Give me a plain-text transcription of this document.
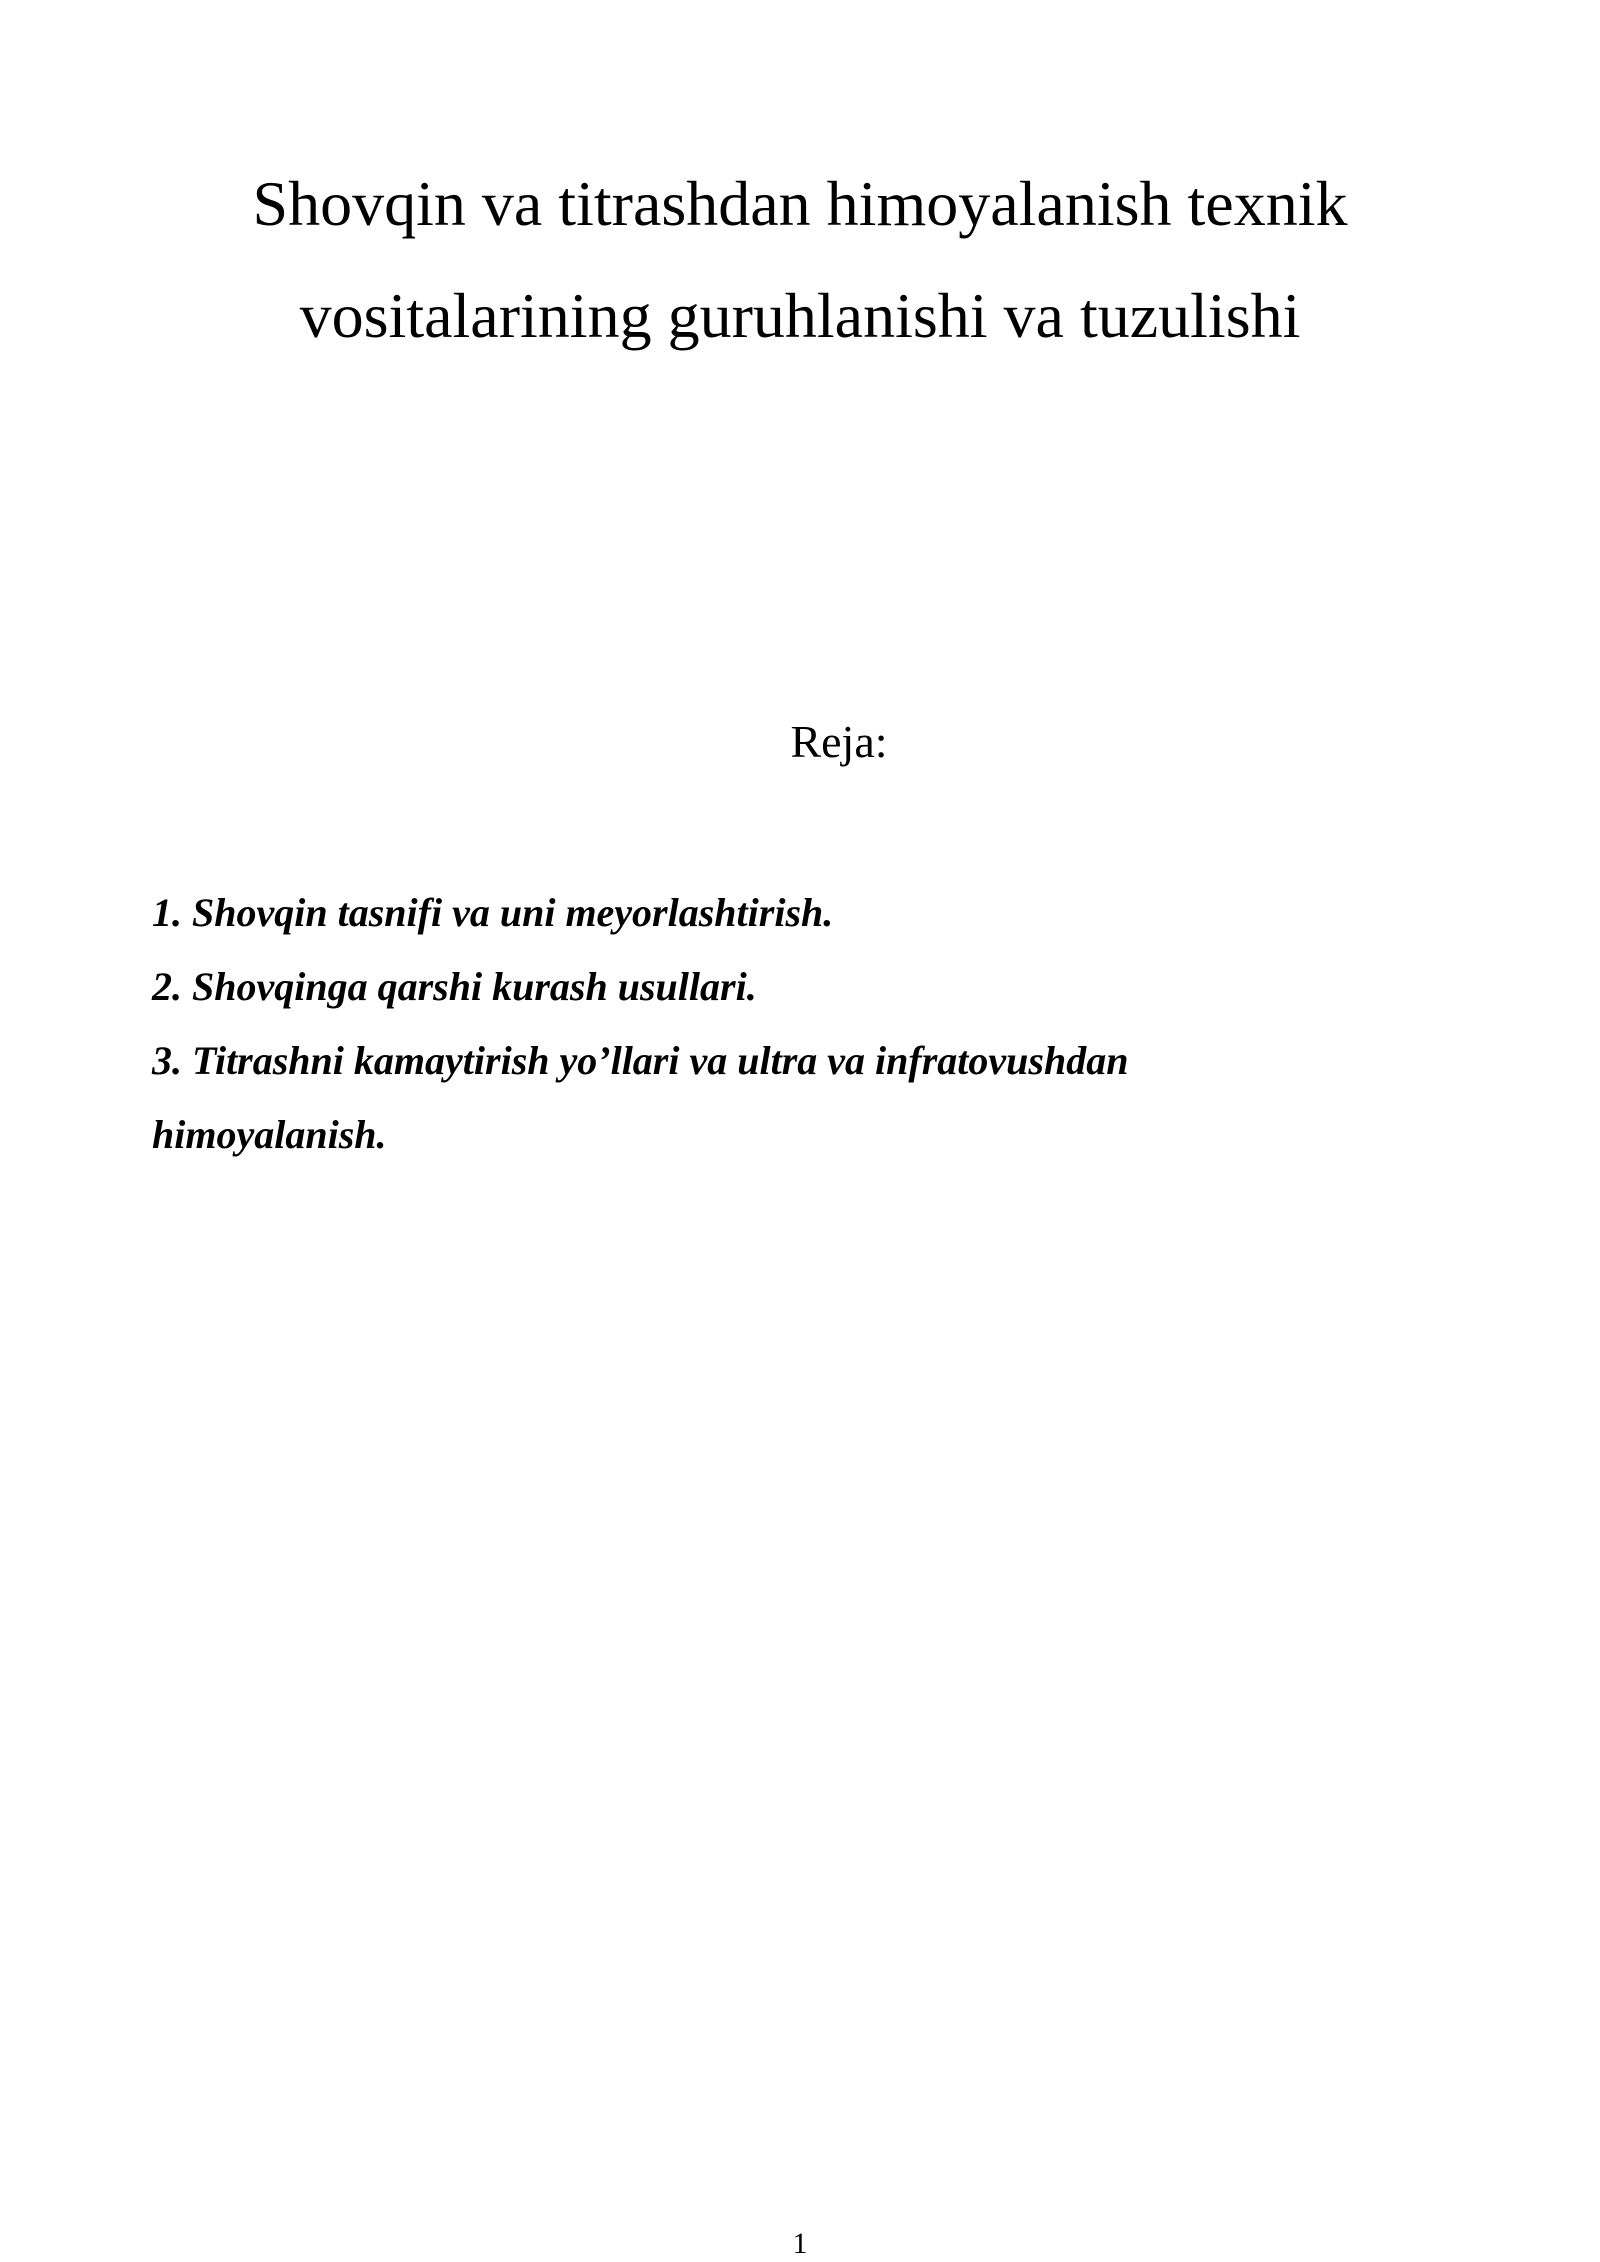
Shovqin va titrashdan himoyalanish texnik
vositalarining guruhlanishi va tuzulishi
Reja:
1. Shovqin tasnifi va uni meyorlashtirish.
2. Shovqinga qarshi kurash usullari.
3. Titrashni kamaytirish yo’llari va ultra va infratovushdan
himoyalanish.
1
